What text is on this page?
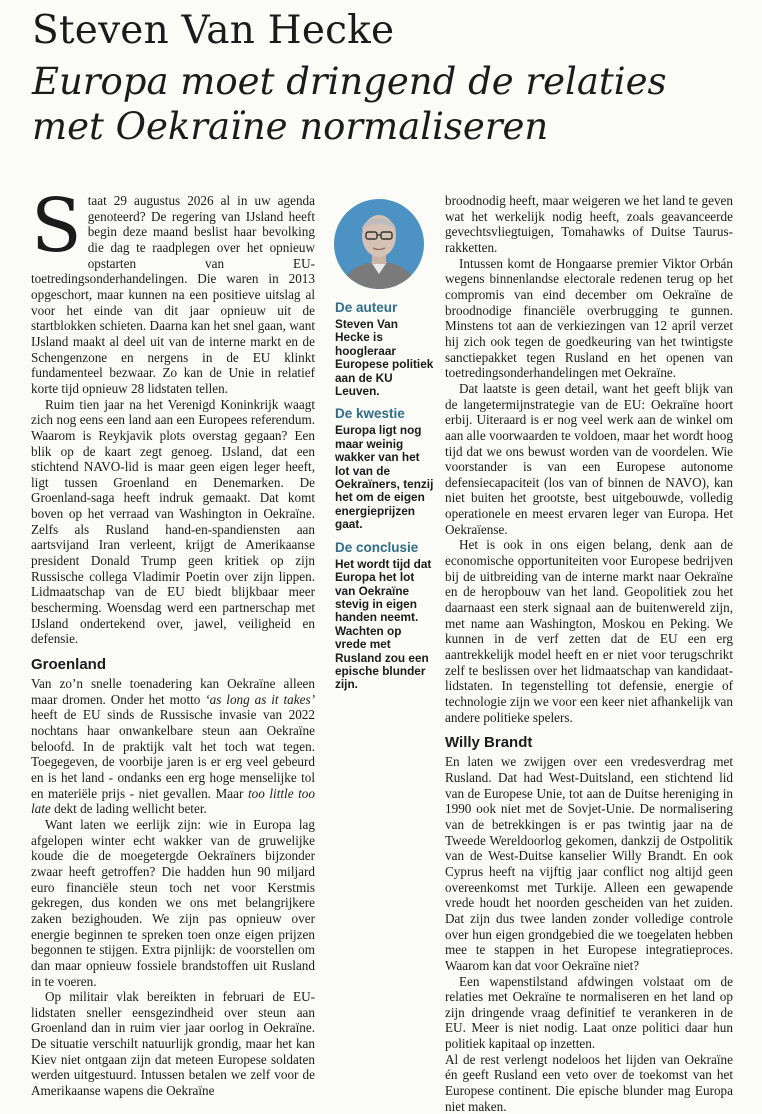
Steven Van Hecke
Europa moet dringend de relaties
met Oekraïne normaliseren

Staat 29 augustus 2026 al in uw agenda genoteerd? De regering van IJsland heeft begin deze maand beslist haar bevolking die dag te raadplegen over het opnieuw opstarten van EU-toetredingsonderhandelingen. Die waren in 2013 opgeschort, maar kunnen na een positieve uitslag al voor het einde van dit jaar opnieuw uit de startblokken schieten. Daarna kan het snel gaan, want IJsland maakt al deel uit van de interne markt en de Schengenzone en nergens in de EU klinkt fundamenteel bezwaar. Zo kan de Unie in relatief korte tijd opnieuw 28 lidstaten tellen.

Ruim tien jaar na het Verenigd Koninkrijk waagt zich nog eens een land aan een Europees referendum. Waarom is Reykjavik plots overstag gegaan? Een blik op de kaart zegt genoeg. IJsland, dat een stichtend NAVO-lid is maar geen eigen leger heeft, ligt tussen Groenland en Denemarken. De Groenland-saga heeft indruk gemaakt. Dat komt boven op het verraad van Washington in Oekraïne. Zelfs als Rusland hand-en-spandiensten aan aartsvijand Iran verleent, krijgt de Amerikaanse president Donald Trump geen kritiek op zijn Russische collega Vladimir Poetin over zijn lippen. Lidmaatschap van de EU biedt blijkbaar meer bescherming. Woensdag werd een partnerschap met IJsland ondertekend over, jawel, veiligheid en defensie.

Groenland

Van zo’n snelle toenadering kan Oekraïne alleen maar dromen. Onder het motto ‘as long as it takes’ heeft de EU sinds de Russische invasie van 2022 nochtans haar onwankelbare steun aan Oekraïne beloofd. In de praktijk valt het toch wat tegen. Toegegeven, de voorbije jaren is er erg veel gebeurd en is het land - ondanks een erg hoge menselijke tol en materiële prijs - niet gevallen. Maar too little too late dekt de lading wellicht beter.

Want laten we eerlijk zijn: wie in Europa lag afgelopen winter echt wakker van de gruwelijke koude die de moegetergde Oekraïners bijzonder zwaar heeft getroffen? Die hadden hun 90 miljard euro financiële steun toch net voor Kerstmis gekregen, dus konden we ons met belangrijkere zaken bezighouden. We zijn pas opnieuw over energie beginnen te spreken toen onze eigen prijzen begonnen te stijgen. Extra pijnlijk: de voorstellen om dan maar opnieuw fossiele brandstoffen uit Rusland in te voeren.

Op militair vlak bereikten in februari de EU-lidstaten sneller eensgezindheid over steun aan Groenland dan in ruim vier jaar oorlog in Oekraïne. De situatie verschilt natuurlijk grondig, maar het kan Kiev niet ontgaan zijn dat meteen Europese soldaten werden uitgestuurd. Intussen betalen we zelf voor de Amerikaanse wapens die Oekraïne

De auteur

Steven Van Hecke is hoogleraar Europese politiek aan de KU Leuven.

De kwestie

Europa ligt nog maar weinig wakker van het lot van de Oekraïners, tenzij het om de eigen energieprijzen gaat.

De conclusie

Het wordt tijd dat Europa het lot van Oekraïne stevig in eigen handen neemt. Wachten op vrede met Rusland zou een epische blunder zijn.

broodnodig heeft, maar weigeren we het land te geven wat het werkelijk nodig heeft, zoals geavanceerde gevechtsvliegtuigen, Tomahawks of Duitse Taurus-rakketten.

Intussen komt de Hongaarse premier Viktor Orbán wegens binnenlandse electorale redenen terug op het compromis van eind december om Oekraïne de broodnodige financiële overbrugging te gunnen. Minstens tot aan de verkiezingen van 12 april verzet hij zich ook tegen de goedkeuring van het twintigste sanctiepakket tegen Rusland en het openen van toetredingsonderhandelingen met Oekraïne.

Dat laatste is geen detail, want het geeft blijk van de langetermijnstrategie van de EU: Oekraïne hoort erbij. Uiteraard is er nog veel werk aan de winkel om aan alle voorwaarden te voldoen, maar het wordt hoog tijd dat we ons bewust worden van de voordelen. Wie voorstander is van een Europese autonome defensiecapaciteit (los van of binnen de NAVO), kan niet buiten het grootste, best uitgebouwde, volledig operationele en meest ervaren leger van Europa. Het Oekraïense.

Het is ook in ons eigen belang, denk aan de economische opportuniteiten voor Europese bedrijven bij de uitbreiding van de interne markt naar Oekraïne en de heropbouw van het land. Geopolitiek zou het daarnaast een sterk signaal aan de buitenwereld zijn, met name aan Washington, Moskou en Peking. We kunnen in de verf zetten dat de EU een erg aantrekkelijk model heeft en er niet voor terugschrikt zelf te beslissen over het lidmaatschap van kandidaat-lidstaten. In tegenstelling tot defensie, energie of technologie zijn we voor een keer niet afhankelijk van andere politieke spelers.

Willy Brandt

En laten we zwijgen over een vredesverdrag met Rusland. Dat had West-Duitsland, een stichtend lid van de Europese Unie, tot aan de Duitse hereniging in 1990 ook niet met de Sovjet-Unie. De normalisering van de betrekkingen is er pas twintig jaar na de Tweede Wereldoorlog gekomen, dankzij de Ostpolitik van de West-Duitse kanselier Willy Brandt. En ook Cyprus heeft na vijftig jaar conflict nog altijd geen overeenkomst met Turkije. Alleen een gewapende vrede houdt het noorden gescheiden van het zuiden. Dat zijn dus twee landen zonder volledige controle over hun eigen grondgebied die we toegelaten hebben mee te stappen in het Europese integratieproces. Waarom kan dat voor Oekraïne niet?

Een wapenstilstand afdwingen volstaat om de relaties met Oekraïne te normaliseren en het land op zijn dringende vraag definitief te verankeren in de EU. Meer is niet nodig. Laat onze politici daar hun politiek kapitaal op inzetten.

Al de rest verlengt nodeloos het lijden van Oekraïne én geeft Rusland een veto over de toekomst van het Europese continent. Die epische blunder mag Europa niet maken.
